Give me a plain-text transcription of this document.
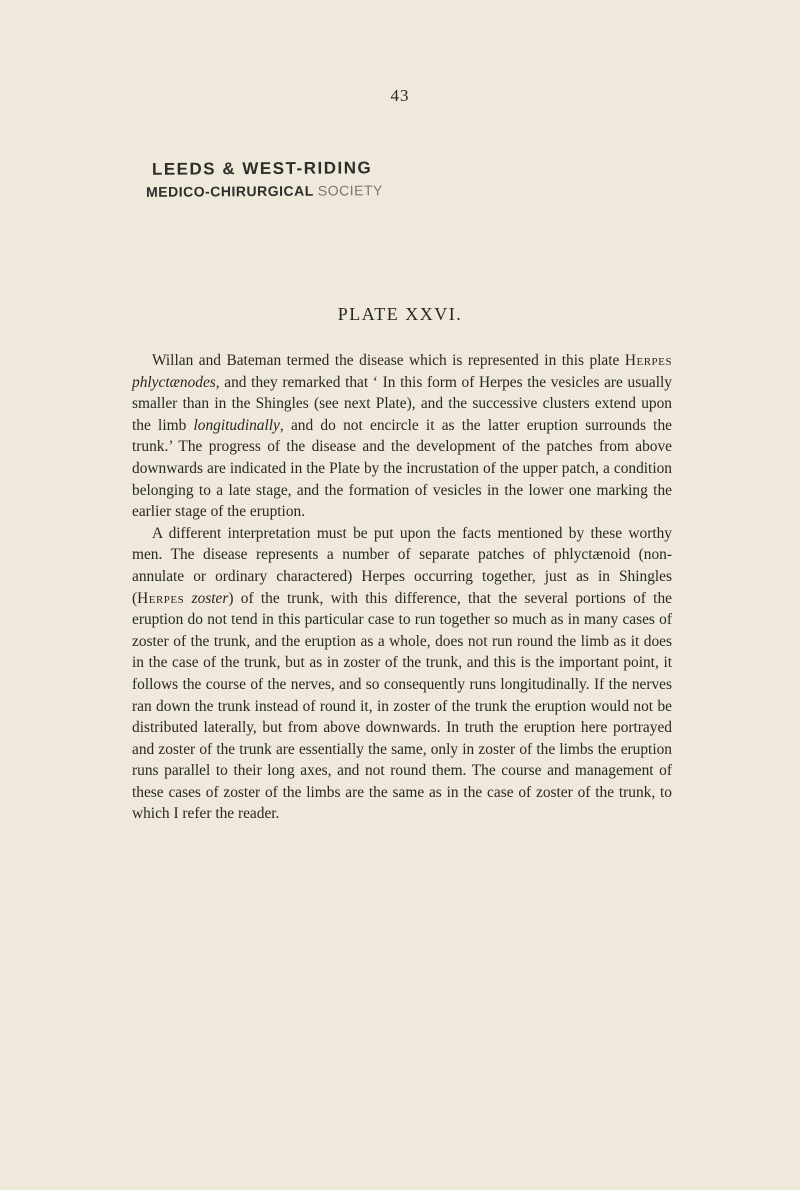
43
LEEDS & WEST-RIDING
MEDICO-CHIRURGICAL SOCIETY
PLATE XXVI.

Willan and Bateman termed the disease which is represented in this plate Herpes phlyctænodes, and they remarked that ‘ In this form of Herpes the vesicles are usually smaller than in the Shingles (see next Plate), and the successive clusters extend upon the limb longitudinally, and do not encircle it as the latter eruption surrounds the trunk.’ The progress of the disease and the development of the patches from above downwards are indicated in the Plate by the incrustation of the upper patch, a condition belonging to a late stage, and the formation of vesicles in the lower one marking the earlier stage of the eruption.

A different interpretation must be put upon the facts mentioned by these worthy men. The disease represents a number of separate patches of phlyctænoid (non-annulate or ordinary charactered) Herpes occurring together, just as in Shingles (Herpes zoster) of the trunk, with this difference, that the several portions of the eruption do not tend in this particular case to run together so much as in many cases of zoster of the trunk, and the eruption as a whole, does not run round the limb as it does in the case of the trunk, but as in zoster of the trunk, and this is the important point, it follows the course of the nerves, and so consequently runs longitudinally. If the nerves ran down the trunk instead of round it, in zoster of the trunk the eruption would not be distributed laterally, but from above downwards. In truth the eruption here portrayed and zoster of the trunk are essentially the same, only in zoster of the limbs the eruption runs parallel to their long axes, and not round them. The course and management of these cases of zoster of the limbs are the same as in the case of zoster of the trunk, to which I refer the reader.
